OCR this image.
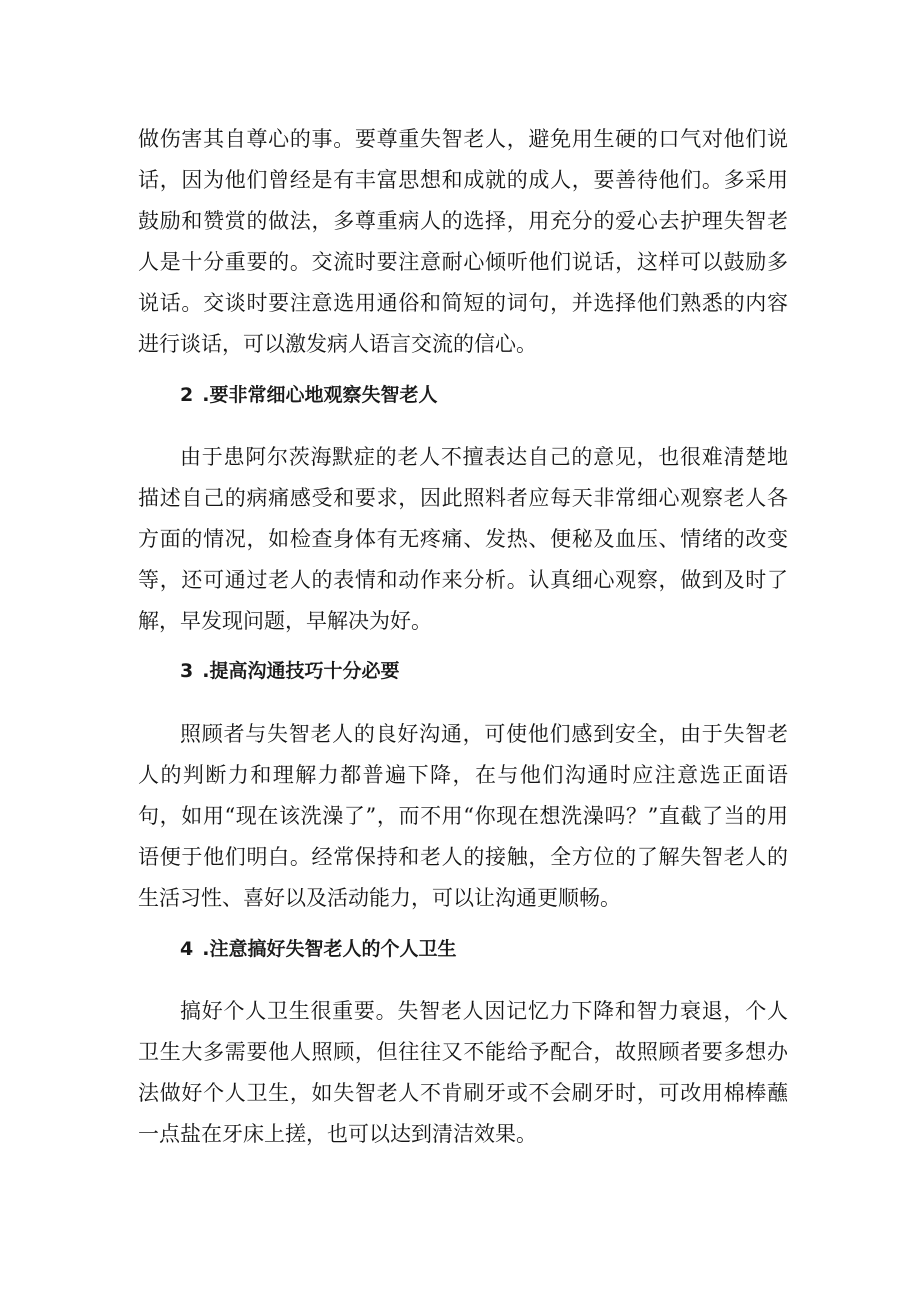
做伤害其自尊心的事。要尊重失智老人，避免用生硬的口气对他们说话，因为他们曾经是有丰富思想和成就的成人，要善待他们。多采用鼓励和赞赏的做法，多尊重病人的选择，用充分的爱心去护理失智老人是十分重要的。交流时要注意耐心倾听他们说话，这样可以鼓励多说话。交谈时要注意选用通俗和简短的词句，并选择他们熟悉的内容进行谈话，可以激发病人语言交流的信心。

2 .要非常细心地观察失智老人

由于患阿尔茨海默症的老人不擅表达自己的意见，也很难清楚地描述自己的病痛感受和要求，因此照料者应每天非常细心观察老人各方面的情况，如检查身体有无疼痛、发热、便秘及血压、情绪的改变等，还可通过老人的表情和动作来分析。认真细心观察，做到及时了解，早发现问题，早解决为好。

3 .提高沟通技巧十分必要

照顾者与失智老人的良好沟通，可使他们感到安全，由于失智老人的判断力和理解力都普遍下降，在与他们沟通时应注意选正面语句，如用“现在该洗澡了”，而不用“你现在想洗澡吗？”直截了当的用语便于他们明白。经常保持和老人的接触，全方位的了解失智老人的生活习性、喜好以及活动能力，可以让沟通更顺畅。

4 .注意搞好失智老人的个人卫生

搞好个人卫生很重要。失智老人因记忆力下降和智力衰退，个人卫生大多需要他人照顾，但往往又不能给予配合，故照顾者要多想办法做好个人卫生，如失智老人不肯刷牙或不会刷牙时，可改用棉棒蘸一点盐在牙床上搓，也可以达到清洁效果。
